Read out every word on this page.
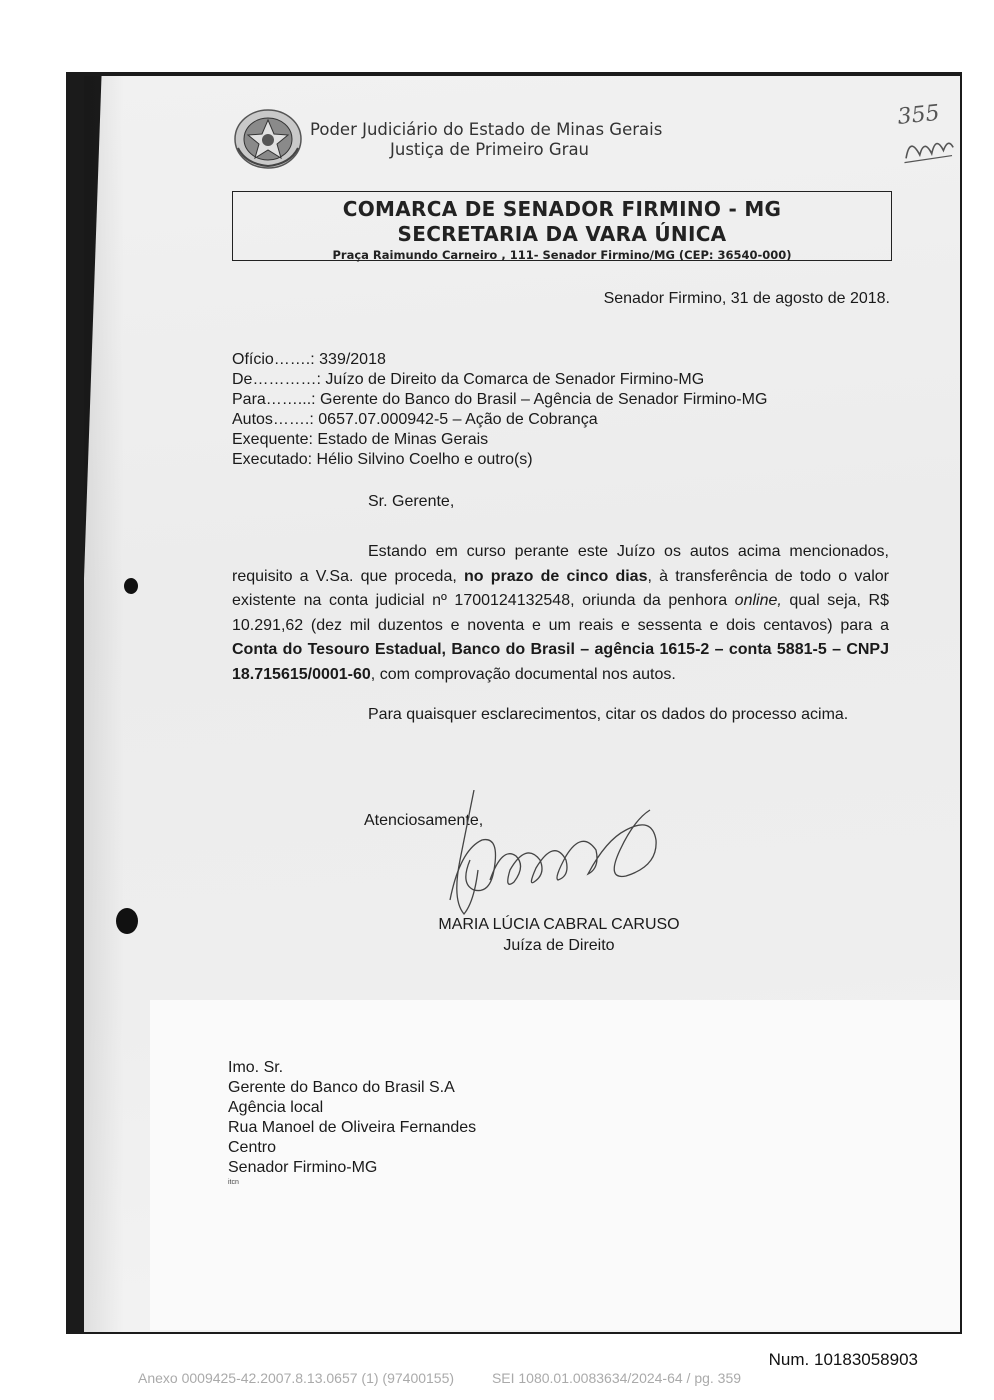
Poder Judiciário do Estado de Minas Gerais
Justiça de Primeiro Grau
COMARCA DE SENADOR FIRMINO - MG
SECRETARIA DA VARA ÚNICA
Praça Raimundo Carneiro , 111- Senador Firmino/MG (CEP: 36540-000)
355
Senador Firmino, 31 de agosto de 2018.
Ofício…….: 339/2018
De…………: Juízo de Direito da Comarca de Senador Firmino-MG
Para……...: Gerente do Banco do Brasil – Agência de Senador Firmino-MG
Autos…….: 0657.07.000942-5 – Ação de Cobrança
Exequente: Estado de Minas Gerais
Executado: Hélio Silvino Coelho e outro(s)
Sr. Gerente,

Estando em curso perante este Juízo os autos acima mencionados, requisito a V.Sa. que proceda, no prazo de cinco dias, à transferência de todo o valor existente na conta judicial nº 1700124132548, oriunda da penhora online, qual seja, R$ 10.291,62 (dez mil duzentos e noventa e um reais e sessenta e dois centavos) para a Conta do Tesouro Estadual, Banco do Brasil – agência 1615-2 – conta 5881-5 – CNPJ 18.715615/0001-60, com comprovação documental nos autos.

Para quaisquer esclarecimentos, citar os dados do processo acima.

Atenciosamente,
MARIA LÚCIA CABRAL CARUSO
Juíza de Direito
Imo. Sr.
Gerente do Banco do Brasil S.A
Agência local
Rua Manoel de Oliveira Fernandes
Centro
Senador Firmino-MG
itcn
Num. 10183058903
Anexo 0009425-42.2007.8.13.0657 (1) (97400155)	SEI 1080.01.0083634/2024-64 / pg. 359
